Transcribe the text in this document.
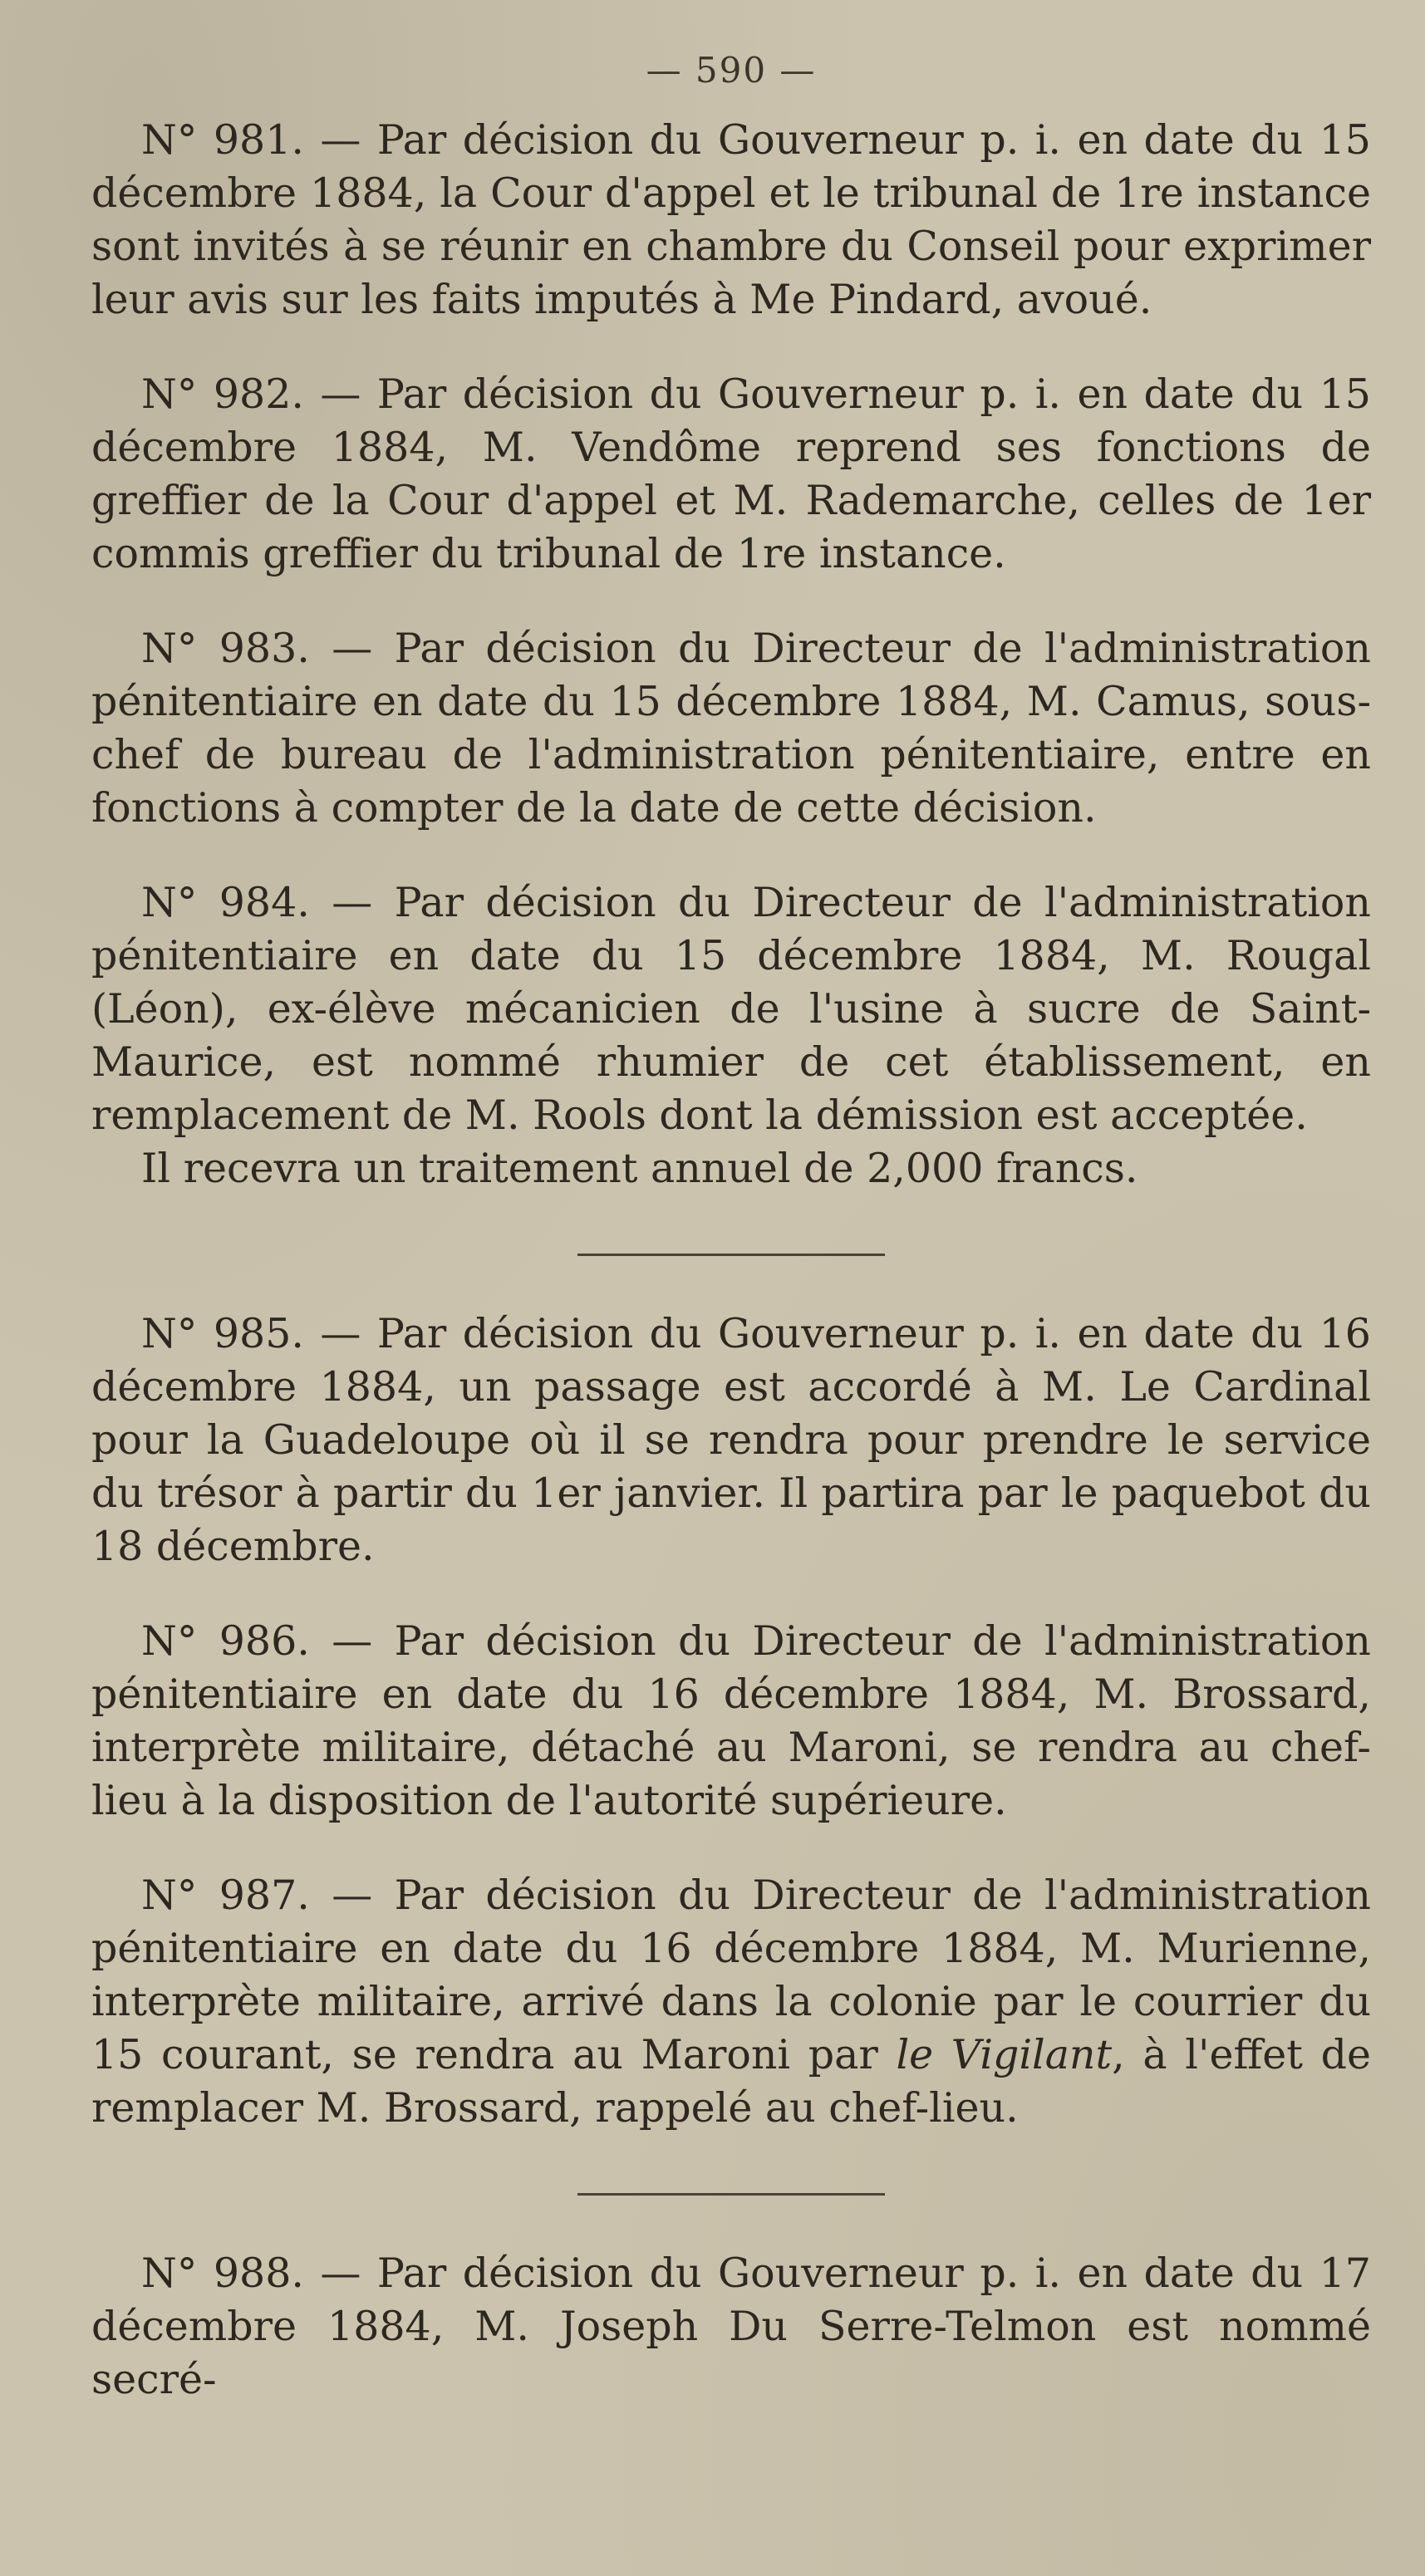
— 590 —

N° 981. — Par décision du Gouverneur p. i. en date du 15 décembre 1884, la Cour d'appel et le tribunal de 1re instance sont invités à se réunir en chambre du Conseil pour exprimer leur avis sur les faits imputés à Me Pindard, avoué.

N° 982. — Par décision du Gouverneur p. i. en date du 15 décembre 1884, M. Vendôme reprend ses fonctions de greffier de la Cour d'appel et M. Rademarche, celles de 1er commis greffier du tribunal de 1re instance.

N° 983. — Par décision du Directeur de l'administration pénitentiaire en date du 15 décembre 1884, M. Camus, sous-chef de bureau de l'administration pénitentiaire, entre en fonctions à compter de la date de cette décision.

N° 984. — Par décision du Directeur de l'administration pénitentiaire en date du 15 décembre 1884, M. Rougal (Léon), ex-élève mécanicien de l'usine à sucre de Saint-Maurice, est nommé rhumier de cet établissement, en remplacement de M. Rools dont la démission est acceptée.

Il recevra un traitement annuel de 2,000 francs.

N° 985. — Par décision du Gouverneur p. i. en date du 16 décembre 1884, un passage est accordé à M. Le Cardinal pour la Guadeloupe où il se rendra pour prendre le service du trésor à partir du 1er janvier. Il partira par le paquebot du 18 décembre.

N° 986. — Par décision du Directeur de l'administration pénitentiaire en date du 16 décembre 1884, M. Brossard, interprète militaire, détaché au Maroni, se rendra au chef-lieu à la disposition de l'autorité supérieure.

N° 987. — Par décision du Directeur de l'administration pénitentiaire en date du 16 décembre 1884, M. Murienne, interprète militaire, arrivé dans la colonie par le courrier du 15 courant, se rendra au Maroni par le Vigilant, à l'effet de remplacer M. Brossard, rappelé au chef-lieu.

N° 988. — Par décision du Gouverneur p. i. en date du 17 décembre 1884, M. Joseph Du Serre-Telmon est nommé secré-
